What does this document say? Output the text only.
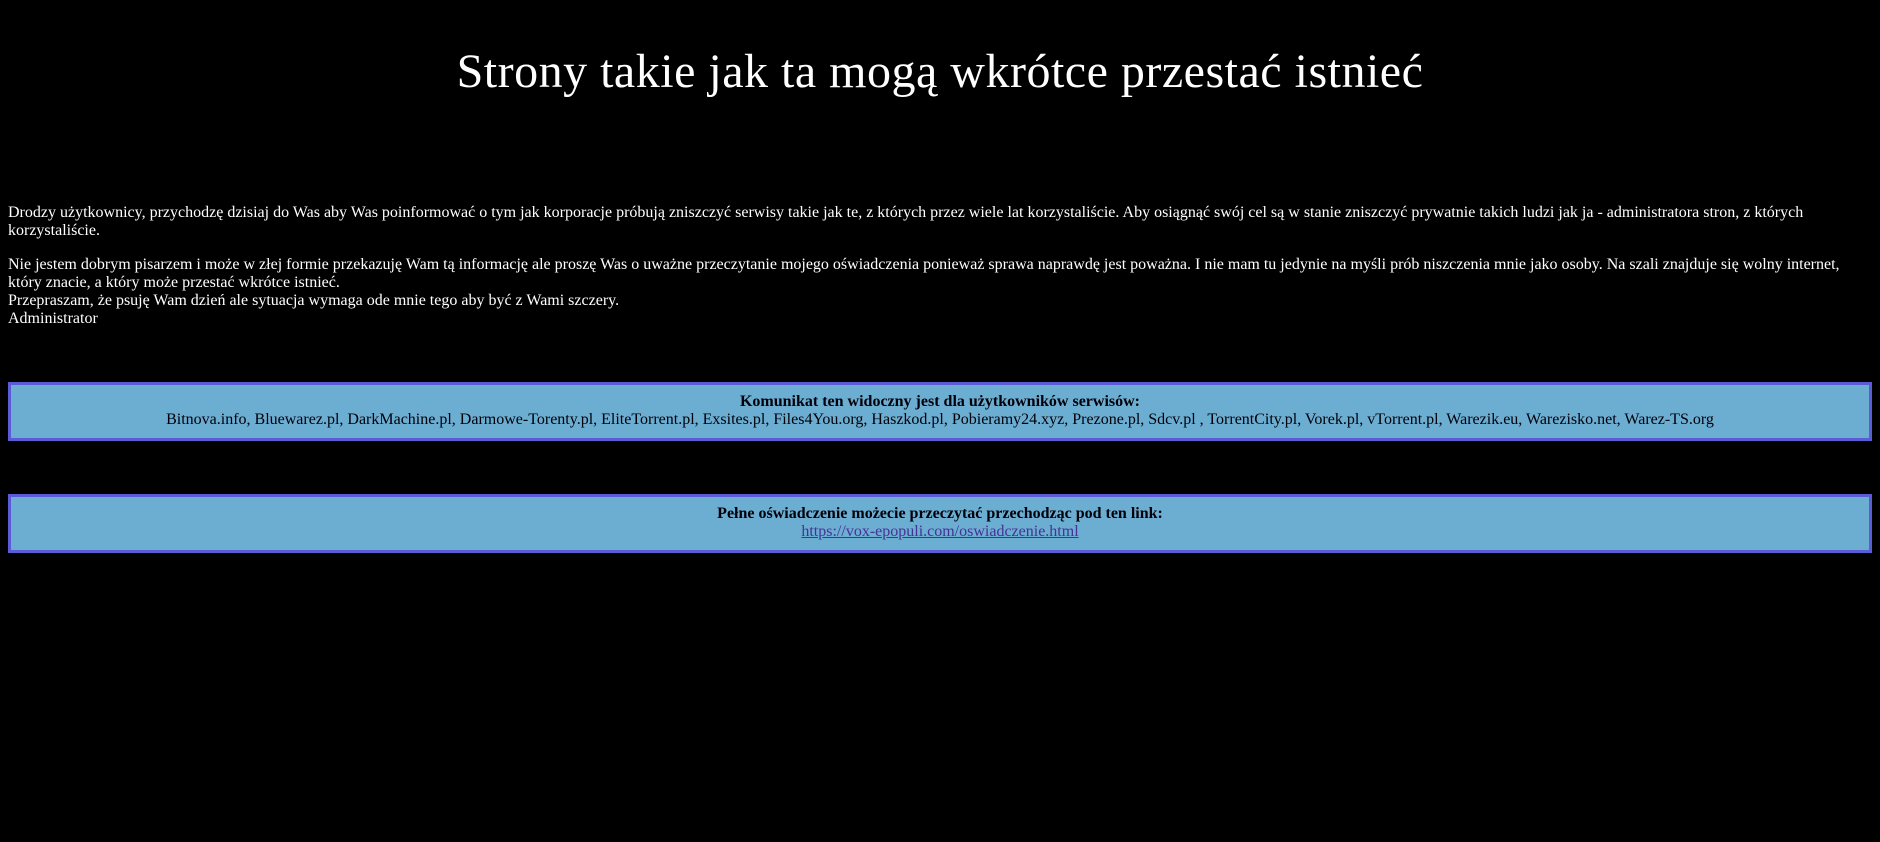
Strony takie jak ta mogą wkrótce przestać istnieć

Drodzy użytkownicy, przychodzę dzisiaj do Was aby Was poinformować o tym jak korporacje próbują zniszczyć serwisy takie jak te, z których przez wiele lat korzystaliście. Aby osiągnąć swój cel są w stanie zniszczyć prywatnie takich ludzi jak ja - administratora stron, z których korzystaliście.

Nie jestem dobrym pisarzem i może w złej formie przekazuję Wam tą informację ale proszę Was o uważne przeczytanie mojego oświadczenia ponieważ sprawa naprawdę jest poważna. I nie mam tu jedynie na myśli prób niszczenia mnie jako osoby. Na szali znajduje się wolny internet, który znacie, a który może przestać wkrótce istnieć.
Przepraszam, że psuję Wam dzień ale sytuacja wymaga ode mnie tego aby być z Wami szczery.
Administrator

Komunikat ten widoczny jest dla użytkowników serwisów:
Bitnova.info, Bluewarez.pl, DarkMachine.pl, Darmowe-Torenty.pl, EliteTorrent.pl, Exsites.pl, Files4You.org, Haszkod.pl, Pobieramy24.xyz, Prezone.pl, Sdcv.pl , TorrentCity.pl, Vorek.pl, vTorrent.pl, Warezik.eu, Warezisko.net, Warez-TS.org
Pełne oświadczenie możecie przeczytać przechodząc pod ten link:
https://vox-epopuli.com/oswiadczenie.html
